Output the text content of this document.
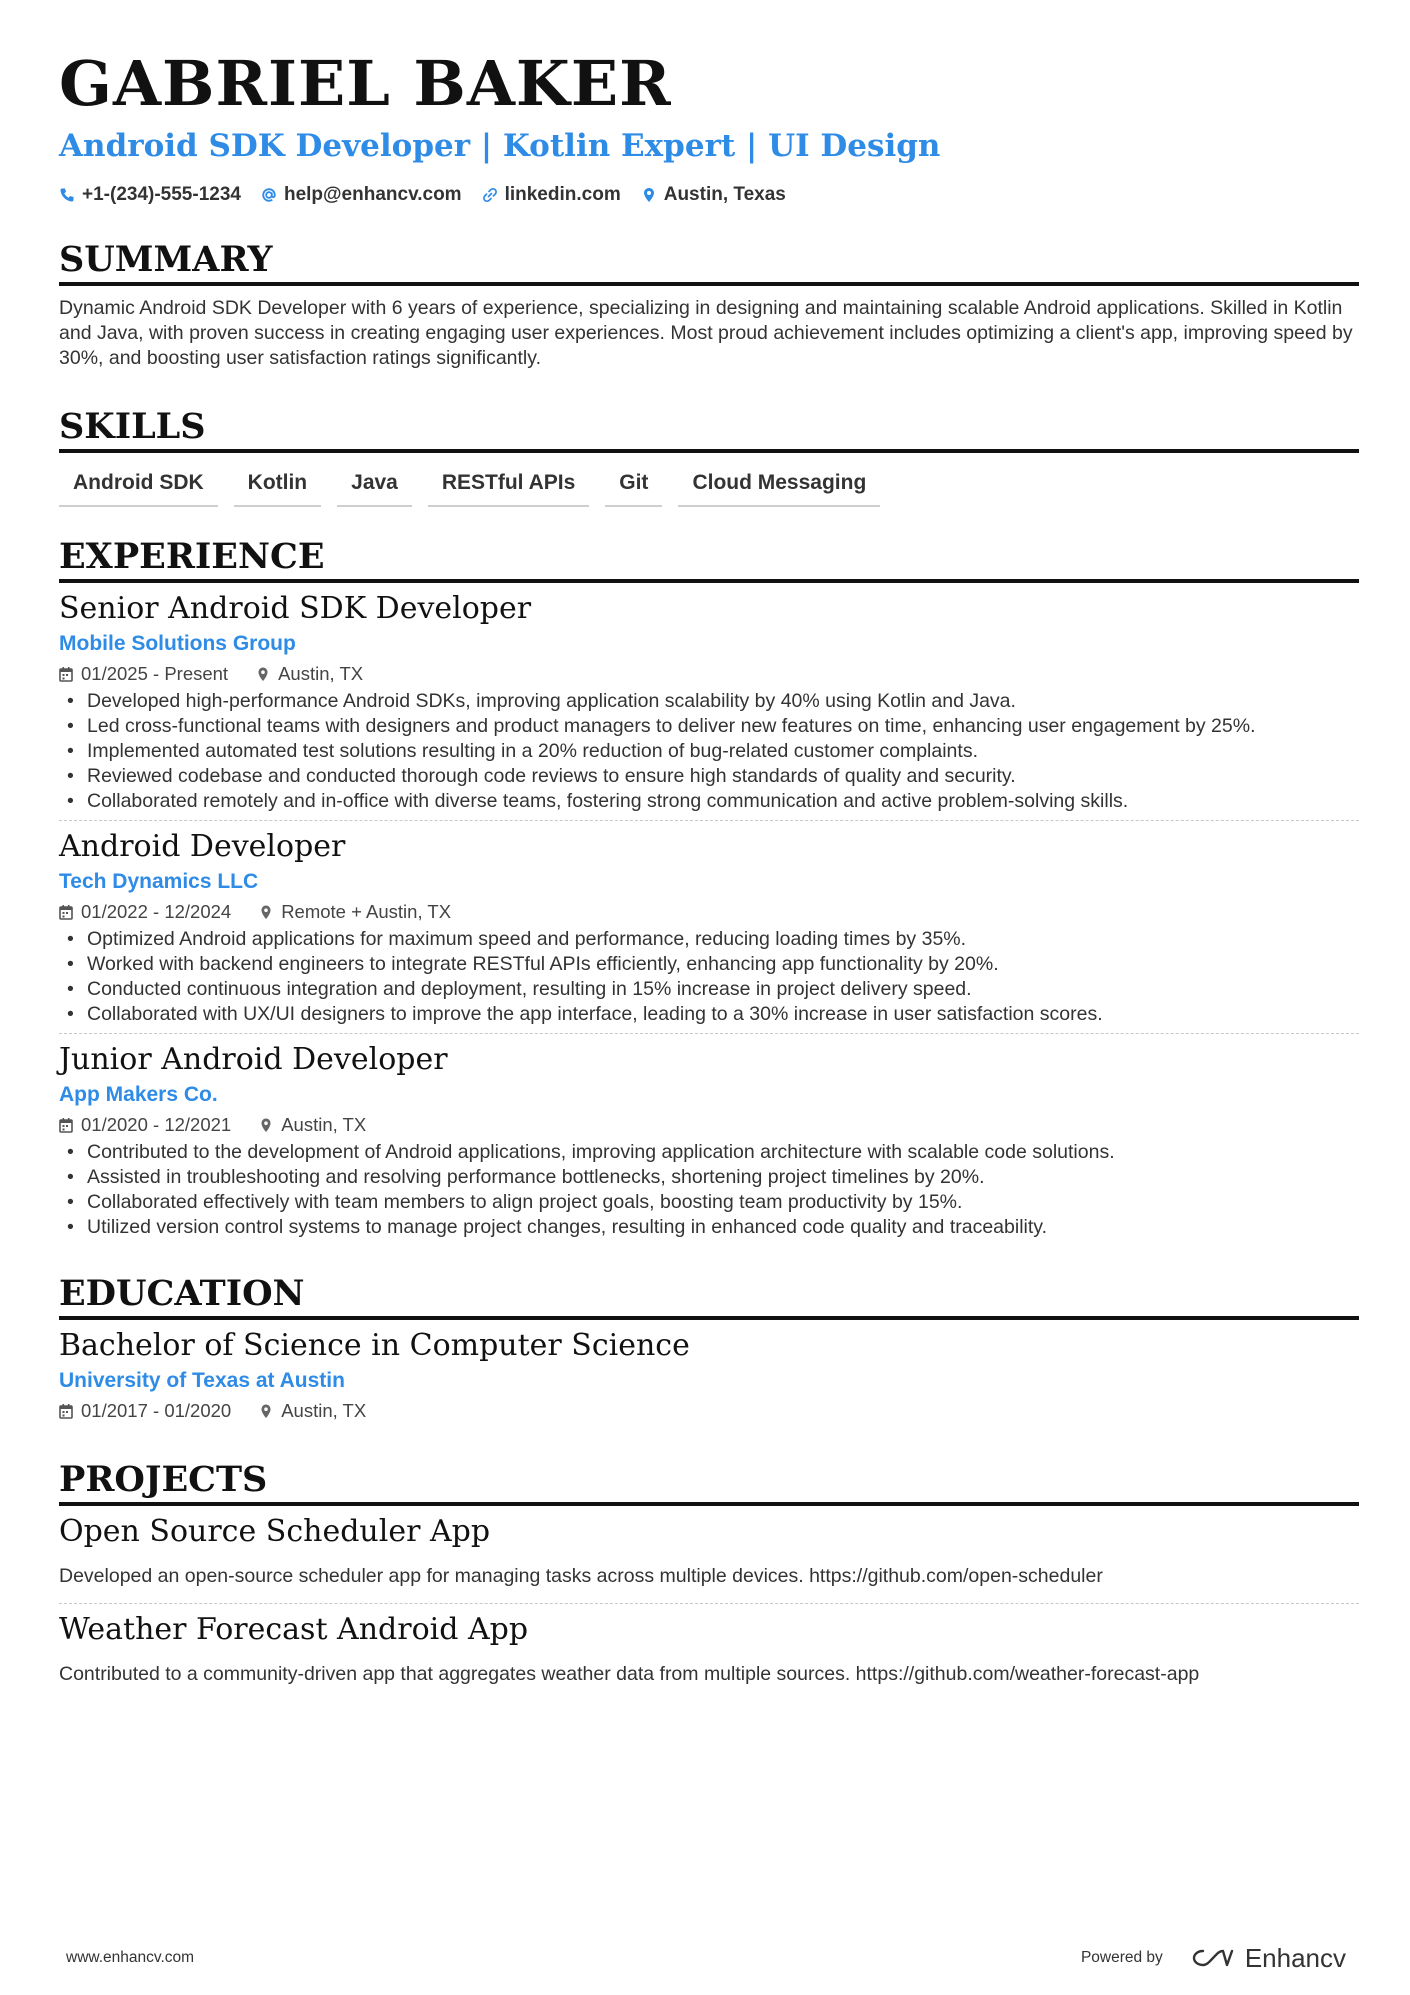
GABRIEL BAKER
Android SDK Developer | Kotlin Expert | UI Design
+1-(234)-555-1234 help@enhancv.com linkedin.com Austin, Texas
SUMMARY
Dynamic Android SDK Developer with 6 years of experience, specializing in designing and maintaining scalable Android applications. Skilled in Kotlin and Java, with proven success in creating engaging user experiences. Most proud achievement includes optimizing a client's app, improving speed by 30%, and boosting user satisfaction ratings significantly.
SKILLS
Android SDK	Kotlin	Java	RESTful APIs	Git	Cloud Messaging
EXPERIENCE
Senior Android SDK Developer
Mobile Solutions Group
01/2025 - Present	Austin, TX
• Developed high-performance Android SDKs, improving application scalability by 40% using Kotlin and Java.
• Led cross-functional teams with designers and product managers to deliver new features on time, enhancing user engagement by 25%.
• Implemented automated test solutions resulting in a 20% reduction of bug-related customer complaints.
• Reviewed codebase and conducted thorough code reviews to ensure high standards of quality and security.
• Collaborated remotely and in-office with diverse teams, fostering strong communication and active problem-solving skills.
Android Developer
Tech Dynamics LLC
01/2022 - 12/2024	Remote + Austin, TX
• Optimized Android applications for maximum speed and performance, reducing loading times by 35%.
• Worked with backend engineers to integrate RESTful APIs efficiently, enhancing app functionality by 20%.
• Conducted continuous integration and deployment, resulting in 15% increase in project delivery speed.
• Collaborated with UX/UI designers to improve the app interface, leading to a 30% increase in user satisfaction scores.
Junior Android Developer
App Makers Co.
01/2020 - 12/2021	Austin, TX
• Contributed to the development of Android applications, improving application architecture with scalable code solutions.
• Assisted in troubleshooting and resolving performance bottlenecks, shortening project timelines by 20%.
• Collaborated effectively with team members to align project goals, boosting team productivity by 15%.
• Utilized version control systems to manage project changes, resulting in enhanced code quality and traceability.
EDUCATION
Bachelor of Science in Computer Science
University of Texas at Austin
01/2017 - 01/2020	Austin, TX
PROJECTS
Open Source Scheduler App
Developed an open-source scheduler app for managing tasks across multiple devices. https://github.com/open-scheduler
Weather Forecast Android App
Contributed to a community-driven app that aggregates weather data from multiple sources. https://github.com/weather-forecast-app
www.enhancv.com	Powered by	Enhancv
